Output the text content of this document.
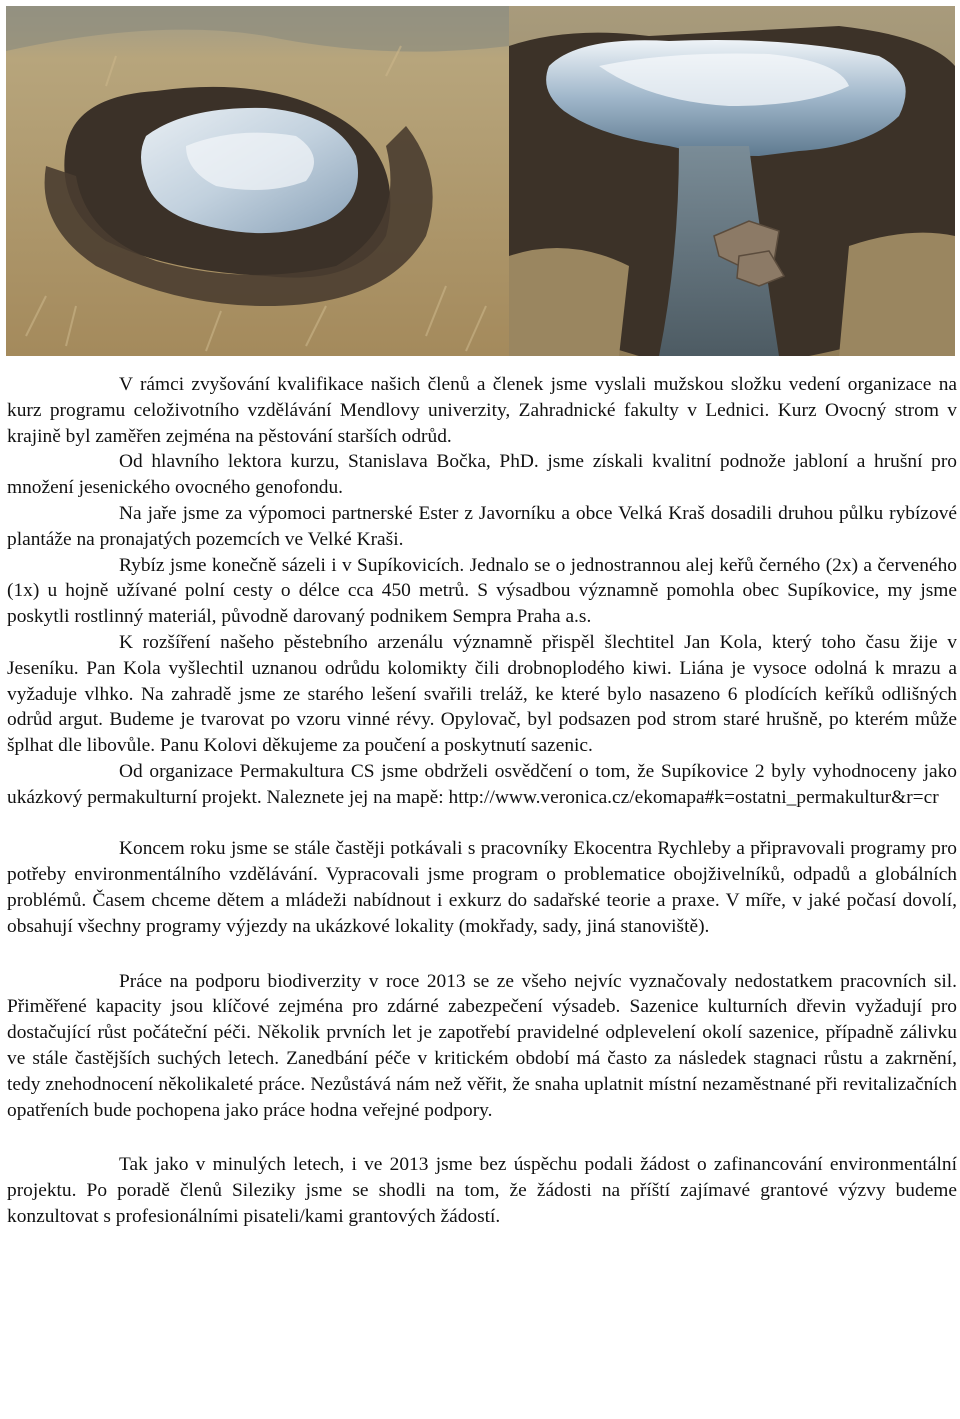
V rámci zvyšování kvalifikace našich členů a členek jsme vyslali mužskou složku vedení organizace na kurz programu celoživotního vzdělávání Mendlovy univerzity, Zahradnické fakulty v Lednici. Kurz Ovocný strom v krajině byl zaměřen zejména na pěstování starších odrůd.

Od hlavního lektora kurzu, Stanislava Bočka, PhD. jsme získali kvalitní podnože jabloní a hrušní pro množení jesenického ovocného genofondu.

Na jaře jsme za výpomoci partnerské Ester z Javorníku a obce Velká Kraš dosadili druhou půlku rybízové plantáže na pronajatých pozemcích ve Velké Kraši.

Rybíz jsme konečně sázeli i v Supíkovicích. Jednalo se o jednostrannou alej keřů černého (2x) a červeného (1x) u hojně užívané polní cesty o délce cca 450 metrů. S výsadbou významně pomohla obec Supíkovice, my jsme poskytli rostlinný materiál, původně darovaný podnikem Sempra Praha a.s.

K rozšíření našeho pěstebního arzenálu významně přispěl šlechtitel Jan Kola, který toho času žije v Jeseníku. Pan Kola vyšlechtil uznanou odrůdu kolomikty čili drobnoplodého kiwi. Liána je vysoce odolná k mrazu a vyžaduje vlhko. Na zahradě jsme ze starého lešení svařili treláž, ke které bylo nasazeno 6 plodících keříků odlišných odrůd argut. Budeme je tvarovat po vzoru vinné révy. Opylovač, byl podsazen pod strom staré hrušně, po kterém může šplhat dle libovůle. Panu Kolovi děkujeme za poučení a poskytnutí sazenic.

Od organizace Permakultura CS jsme obdrželi osvědčení o tom, že Supíkovice 2 byly vyhodnoceny jako ukázkový permakulturní projekt. Naleznete jej na mapě: http://www.veronica.cz/ekomapa#k=ostatni_permakultur&r=cr

Koncem roku jsme se stále častěji potkávali s pracovníky Ekocentra Rychleby a připravovali programy pro potřeby environmentálního vzdělávání. Vypracovali jsme program o problematice obojživelníků, odpadů a globálních problémů. Časem chceme dětem a mládeži nabídnout i exkurz do sadařské teorie a praxe. V míře, v jaké počasí dovolí, obsahují všechny programy výjezdy na ukázkové lokality (mokřady, sady, jiná stanoviště).

Práce na podporu biodiverzity v roce 2013 se ze všeho nejvíc vyznačovaly nedostatkem pracovních sil. Přiměřené kapacity jsou klíčové zejména pro zdárné zabezpečení výsadeb. Sazenice kulturních dřevin vyžadují pro dostačující růst počáteční péči. Několik prvních let je zapotřebí pravidelné odplevelení okolí sazenice, případně zálivku ve stále častějších suchých letech. Zanedbání péče v kritickém období má často za následek stagnaci růstu a zakrnění, tedy znehodnocení několikaleté práce. Nezůstává nám než věřit, že snaha uplatnit místní nezaměstnané při revitalizačních opatřeních bude pochopena jako práce hodna veřejné podpory.

Tak jako v minulých letech, i ve 2013 jsme bez úspěchu podali žádost o zafinancování environmentální projektu. Po poradě členů Sileziky jsme se shodli na tom, že žádosti na příští zajímavé grantové výzvy budeme konzultovat s profesionálními pisateli/kami grantových žádostí.
